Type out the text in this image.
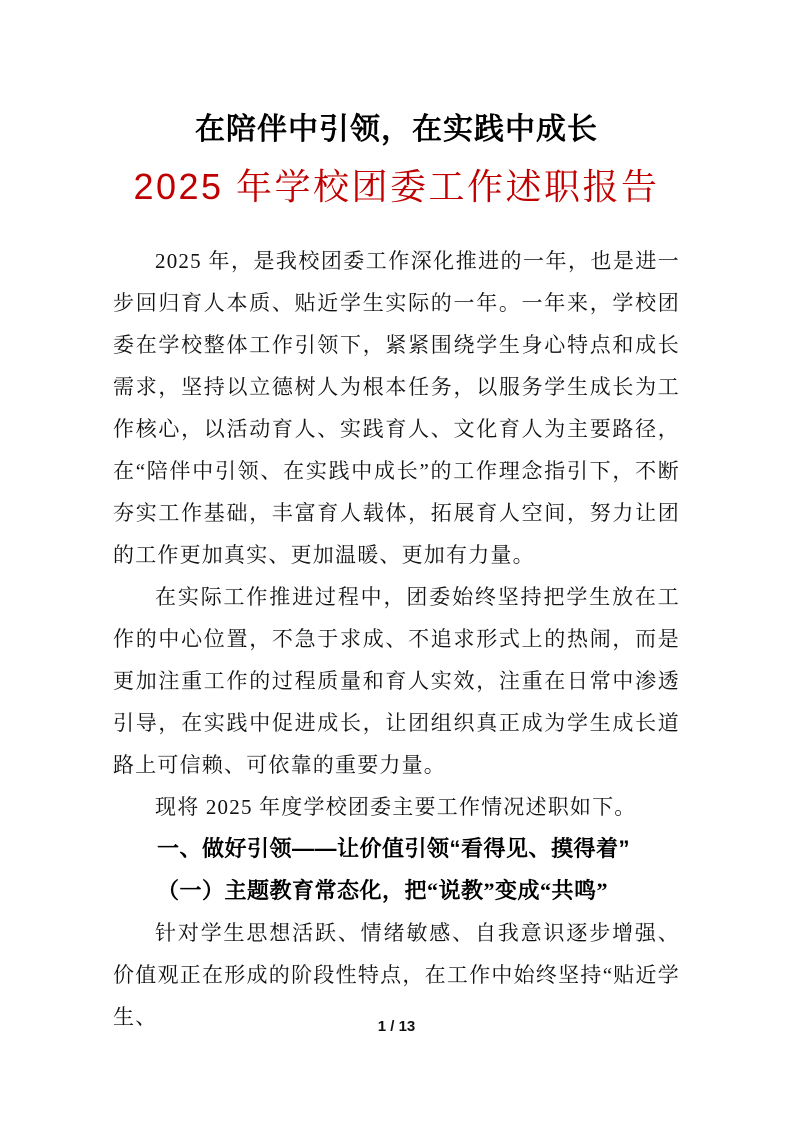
在陪伴中引领，在实践中成长
2025 年学校团委工作述职报告

2025 年，是我校团委工作深化推进的一年，也是进一步回归育人本质、贴近学生实际的一年。一年来，学校团委在学校整体工作引领下，紧紧围绕学生身心特点和成长需求，坚持以立德树人为根本任务，以服务学生成长为工作核心，以活动育人、实践育人、文化育人为主要路径，在“陪伴中引领、在实践中成长”的工作理念指引下，不断夯实工作基础，丰富育人载体，拓展育人空间，努力让团的工作更加真实、更加温暖、更加有力量。

在实际工作推进过程中，团委始终坚持把学生放在工作的中心位置，不急于求成、不追求形式上的热闹，而是更加注重工作的过程质量和育人实效，注重在日常中渗透引导，在实践中促进成长，让团组织真正成为学生成长道路上可信赖、可依靠的重要力量。

现将 2025 年度学校团委主要工作情况述职如下。

一、做好引领——让价值引领“看得见、摸得着”

（一）主题教育常态化，把“说教”变成“共鸣”

针对学生思想活跃、情绪敏感、自我意识逐步增强、价值观正在形成的阶段性特点，在工作中始终坚持“贴近学生、	1 / 13
